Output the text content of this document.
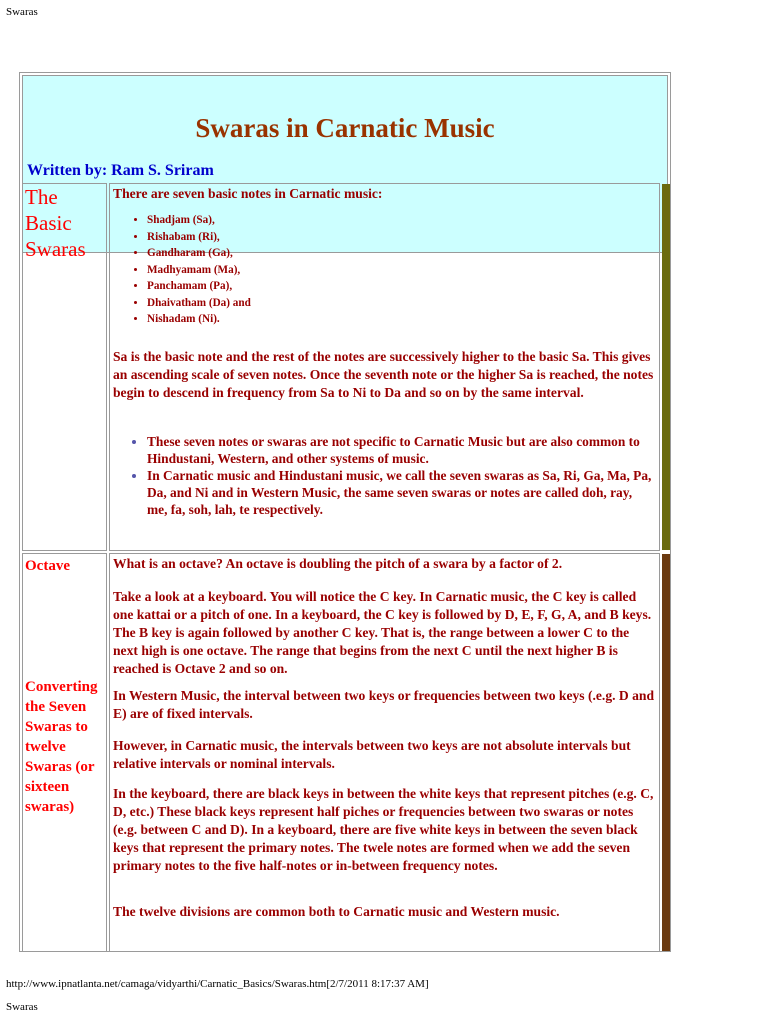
Swaras
Swaras in Carnatic Music
Written by: Ram S. Sriram
The Basic Swaras
There are seven basic notes in Carnatic music:
• Shadjam (Sa),
• Rishabam (Ri),
• Gandharam (Ga),
• Madhyamam (Ma),
• Panchamam (Pa),
• Dhaivatham (Da) and
• Nishadam (Ni).
Sa is the basic note and the rest of the notes are successively higher to the basic Sa. This gives an ascending scale of seven notes. Once the seventh note or the higher Sa is reached, the notes begin to descend in frequency from Sa to Ni to Da and so on by the same interval.
• These seven notes or swaras are not specific to Carnatic Music but are also common to Hindustani, Western, and other systems of music.
• In Carnatic music and Hindustani music, we call the seven swaras as Sa, Ri, Ga, Ma, Pa, Da, and Ni and in Western Music, the same seven swaras or notes are called doh, ray, me, fa, soh, lah, te respectively.
Octave
Converting the Seven Swaras to twelve Swaras (or sixteen swaras)
What is an octave? An octave is doubling the pitch of a swara by a factor of 2.
Take a look at a keyboard. You will notice the C key. In Carnatic music, the C key is called one kattai or a pitch of one. In a keyboard, the C key is followed by D, E, F, G, A, and B keys. The B key is again followed by another C key. That is, the range between a lower C to the next high is one octave. The range that begins from the next C until the next higher B is reached is Octave 2 and so on.
In Western Music, the interval between two keys or frequencies between two keys (.e.g. D and E) are of fixed intervals.
However, in Carnatic music, the intervals between two keys are not absolute intervals but relative intervals or nominal intervals.
In the keyboard, there are black keys in between the white keys that represent pitches (e.g. C, D, etc.) These black keys represent half piches or frequencies between two swaras or notes (e.g. between C and D). In a keyboard, there are five white keys in between the seven black keys that represent the primary notes. The twele notes are formed when we add the seven primary notes to the five half-notes or in-between frequency notes.
The twelve divisions are common both to Carnatic music and Western music.
http://www.ipnatlanta.net/camaga/vidyarthi/Carnatic_Basics/Swaras.htm[2/7/2011 8:17:37 AM]
Swaras
